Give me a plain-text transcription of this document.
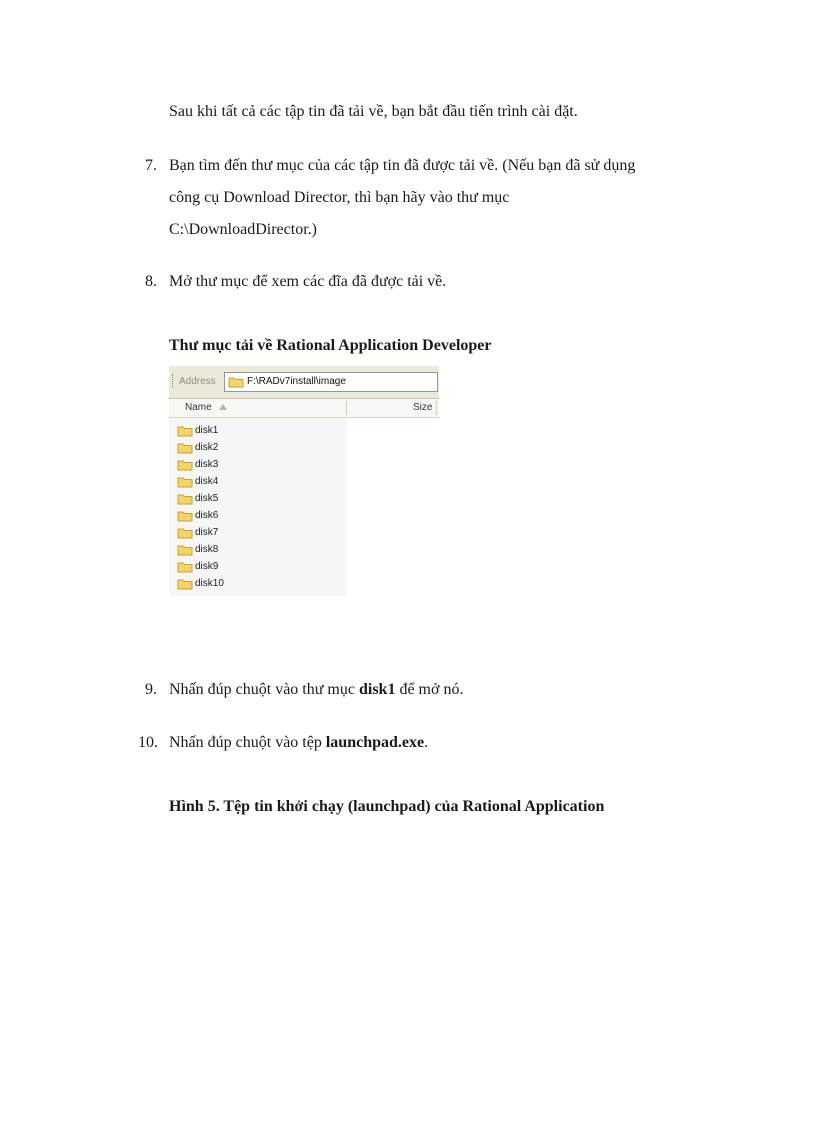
Sau khi tất cả các tập tin đã tải về, bạn bắt đầu tiến trình cài đặt.
7. Bạn tìm đến thư mục của các tập tin đã được tải về. (Nếu bạn đã sử dụng
công cụ Download Director, thì bạn hãy vào thư mục
C:\DownloadDirector.)
8. Mở thư mục để xem các đĩa đã được tải về.
Thư mục tải về Rational Application Developer
Address	F:\RADv7install\image
Name	Size
disk1
disk2
disk3
disk4
disk5
disk6
disk7
disk8
disk9
disk10
9. Nhấn đúp chuột vào thư mục disk1 để mở nó.
10. Nhấn đúp chuột vào tệp launchpad.exe.
Hình 5. Tệp tin khởi chạy (launchpad) của Rational Application
